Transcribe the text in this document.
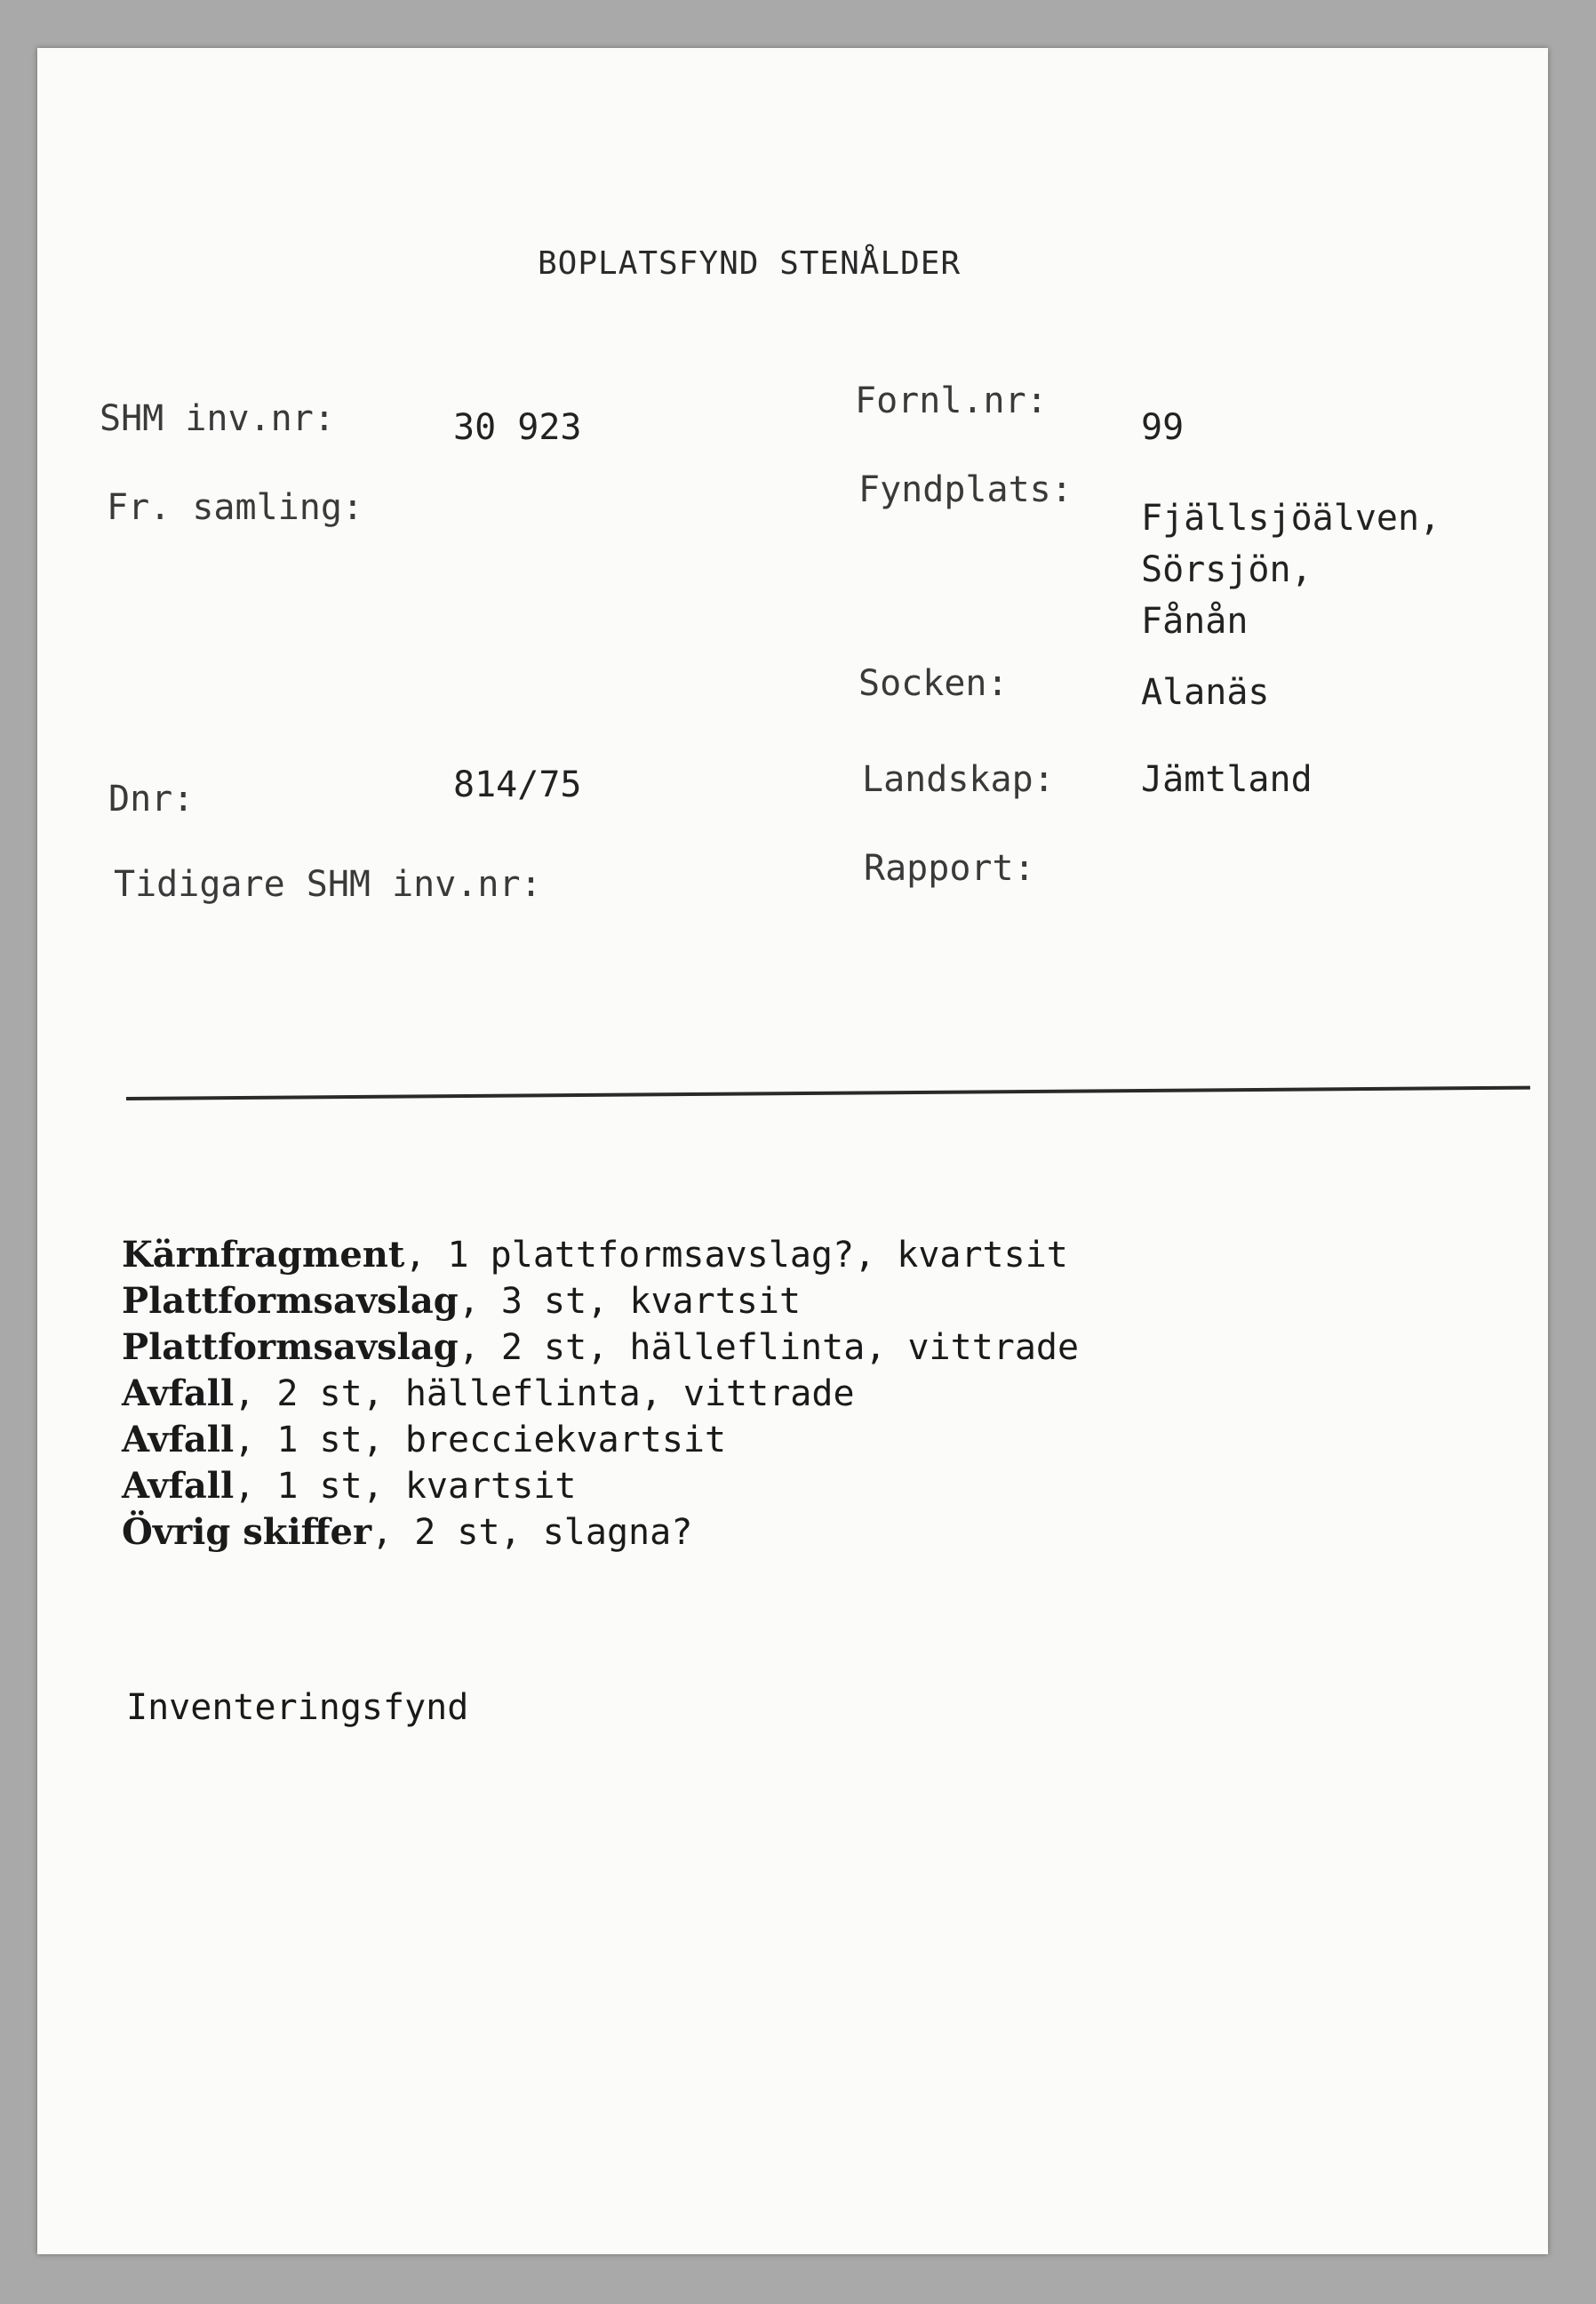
BOPLATSFYND STENÅLDER
SHM inv.nr:	30 923
Fr. samling:
Dnr:	814/75
Tidigare SHM inv.nr:
Fornl.nr:
99
Fyndplats:
Fjällsjöälven,
Sörsjön,
Fånån
Socken:	Alanäs
Landskap: Jämtland
Rapport:
Kärnfragment, 1 plattformsavslag?, kvartsit
Plattformsavslag, 3 st, kvartsit
Plattformsavslag, 2 st, hälleflinta, vittrade
Avfall, 2 st, hälleflinta, vittrade
Avfall, 1 st, brecciekvartsit
Avfall, 1 st, kvartsit
Övrig skiffer, 2 st, slagna?
Inventeringsfynd
